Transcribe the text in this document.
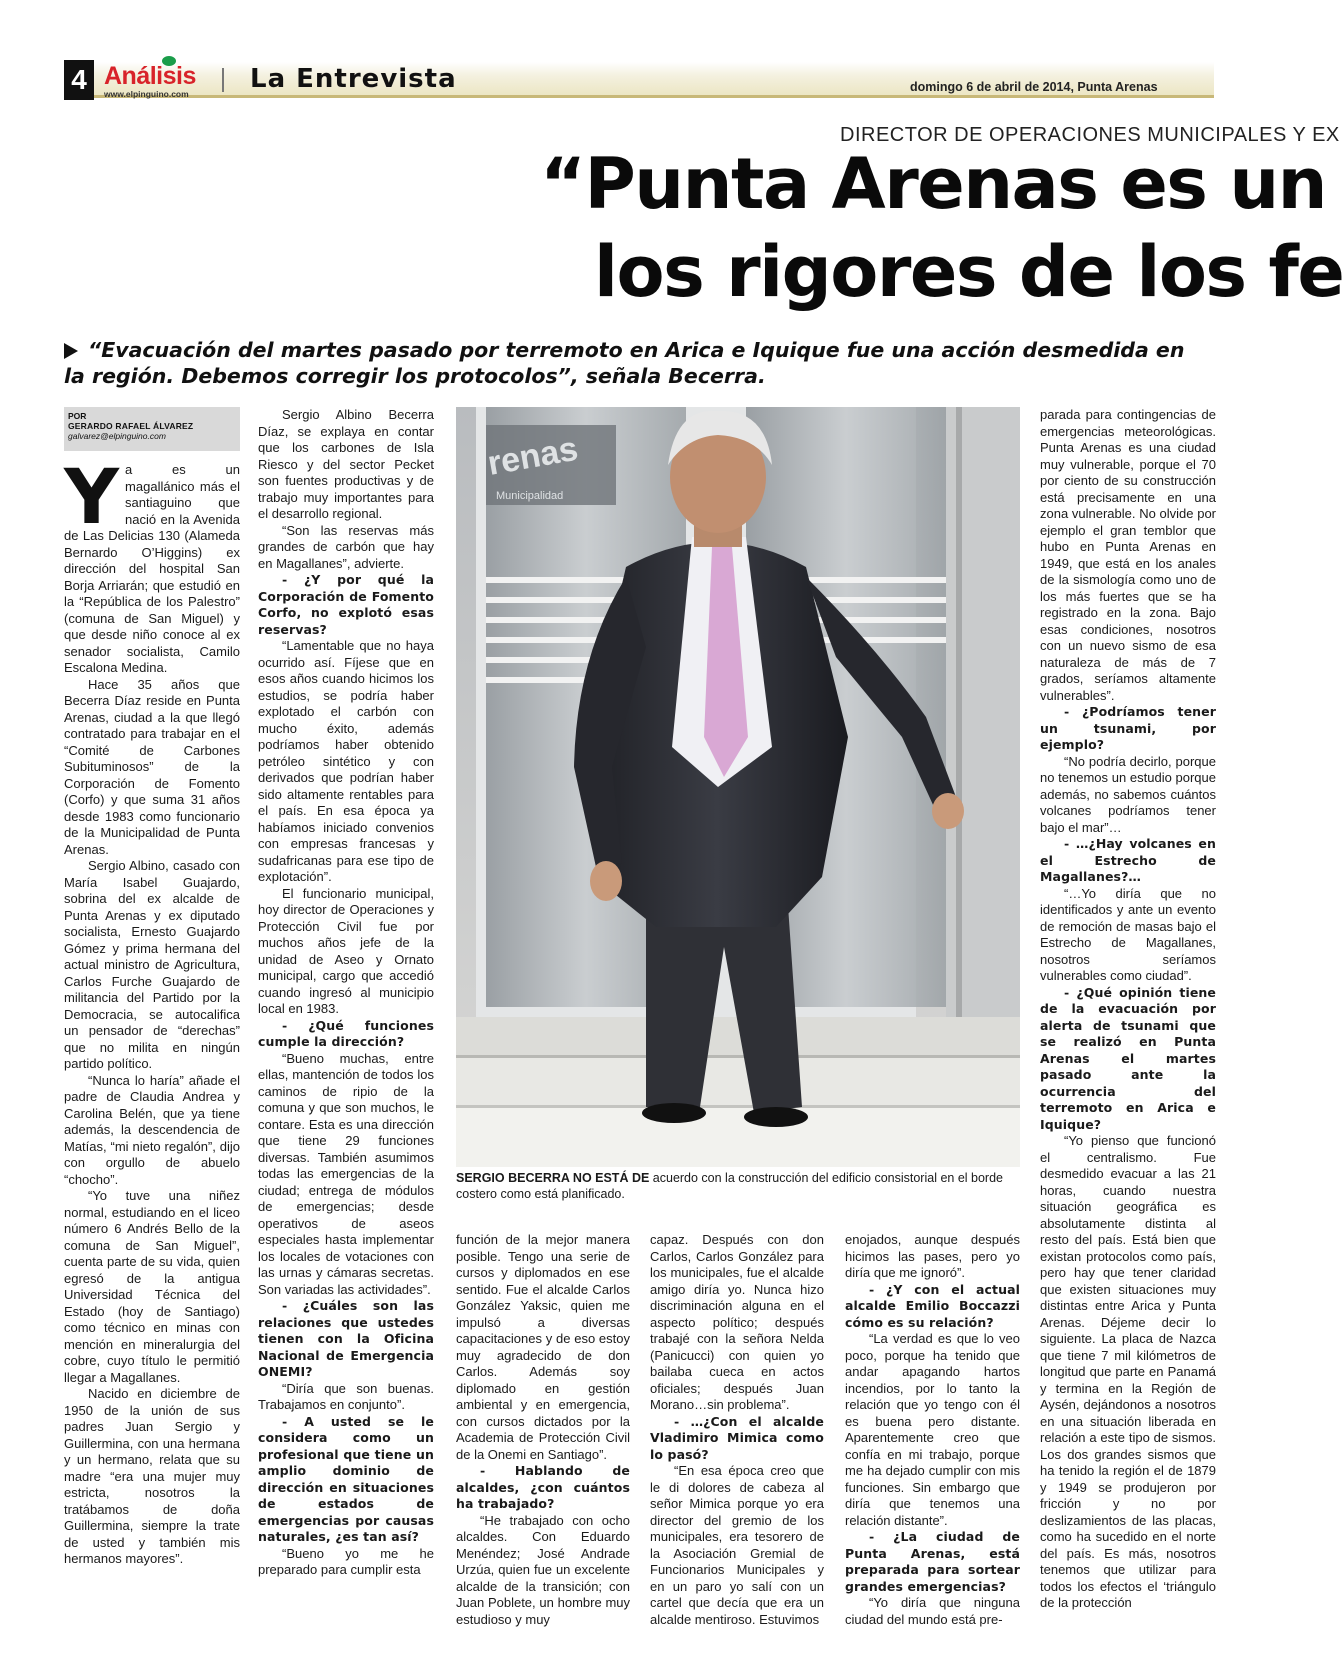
4 Análisis
www.elpinguino.com La Entrevista	domingo 6 de abril de 2014, Punta Arenas
DIRECTOR DE OPERACIONES MUNICIPALES Y EX
“Punta Arenas es un
los rigores de los fe
“Evacuación del martes pasado por terremoto en Arica e Iquique fue una acción desmedida en la región. Debemos corregir los protocolos”, señala Becerra.
POR
GERARDO RAFAEL ÁLVAREZ
galvarez@elpinguino.com

Ya es un magallánico más el santiaguino que nació en la Avenida de Las Delicias 130 (Alameda Bernardo O’Higgins) ex dirección del hospital San Borja Arriarán; que estudió en la “República de los Palestro” (comuna de San Miguel) y que desde niño conoce al ex senador socialista, Camilo Escalona Medina.

Hace 35 años que Becerra Díaz reside en Punta Arenas, ciudad a la que llegó contratado para trabajar en el “Comité de Carbones Subituminosos” de la Corporación de Fomento (Corfo) y que suma 31 años desde 1983 como funcionario de la Municipalidad de Punta Arenas.

Sergio Albino, casado con María Isabel Guajardo, sobrina del ex alcalde de Punta Arenas y ex diputado socialista, Ernesto Guajardo Gómez y prima hermana del actual ministro de Agricultura, Carlos Furche Guajardo de militancia del Partido por la Democracia, se autocalifica un pensador de “derechas” que no milita en ningún partido político.

“Nunca lo haría” añade el padre de Claudia Andrea y Carolina Belén, que ya tiene además, la descendencia de Matías, “mi nieto regalón”, dijo con orgullo de abuelo “chocho”.

“Yo tuve una niñez normal, estudiando en el liceo número 6 Andrés Bello de la comuna de San Miguel”, cuenta parte de su vida, quien egresó de la antigua Universidad Técnica del Estado (hoy de Santiago) como técnico en minas con mención en mineralurgia del cobre, cuyo título le permitió llegar a Magallanes.

Nacido en diciembre de 1950 de la unión de sus padres Juan Sergio y Guillermina, con una hermana y un hermano, relata que su madre “era una mujer muy estricta, nosotros la tratábamos de doña Guillermina, siempre la trate de usted y también mis hermanos mayores”.

Sergio Albino Becerra Díaz, se explaya en contar que los carbones de Isla Riesco y del sector Pecket son fuentes productivas y de trabajo muy importantes para el desarrollo regional.

“Son las reservas más grandes de carbón que hay en Magallanes”, advierte.

- ¿Y por qué la Corporación de Fomento Corfo, no explotó esas reservas?

“Lamentable que no haya ocurrido así. Fíjese que en esos años cuando hicimos los estudios, se podría haber explotado el carbón con mucho éxito, además podríamos haber obtenido petróleo sintético y con derivados que podrían haber sido altamente rentables para el país. En esa época ya habíamos iniciado convenios con empresas francesas y sudafricanas para ese tipo de explotación”.

El funcionario municipal, hoy director de Operaciones y Protección Civil fue por muchos años jefe de la unidad de Aseo y Ornato municipal, cargo que accedió cuando ingresó al municipio local en 1983.

- ¿Qué funciones cumple la dirección?

“Bueno muchas, entre ellas, mantención de todos los caminos de ripio de la comuna y que son muchos, le contare. Esta es una dirección que tiene 29 funciones diversas. También asumimos todas las emergencias de la ciudad; entrega de módulos de emergencias; desde operativos de aseos especiales hasta implementar los locales de votaciones con las urnas y cámaras secretas. Son variadas las actividades”.

- ¿Cuáles son las relaciones que ustedes tienen con la Oficina Nacional de Emergencia ONEMI?

“Diría que son buenas. Trabajamos en conjunto”.

- A usted se le considera como un profesional que tiene un amplio dominio de dirección en situaciones de estados de emergencias por causas naturales, ¿es tan así?

“Bueno yo me he preparado para cumplir esta

renas
Municipalidad
SERGIO BECERRA NO ESTÁ DE acuerdo con la construcción del edificio consistorial en el borde costero como está planificado.

función de la mejor manera posible. Tengo una serie de cursos y diplomados en ese sentido. Fue el alcalde Carlos González Yaksic, quien me impulsó a diversas capacitaciones y de eso estoy muy agradecido de don Carlos. Además soy diplomado en gestión ambiental y en emergencia, con cursos dictados por la Academia de Protección Civil de la Onemi en Santiago”.

- Hablando de alcaldes, ¿con cuántos ha trabajado?

“He trabajado con ocho alcaldes. Con Eduardo Menéndez; José Andrade Urzúa, quien fue un excelente alcalde de la transición; con Juan Poblete, un hombre muy estudioso y muy

capaz. Después con don Carlos, Carlos González para los municipales, fue el alcalde amigo diría yo. Nunca hizo discriminación alguna en el aspecto político; después trabajé con la señora Nelda (Panicucci) con quien yo bailaba cueca en actos oficiales; después Juan Morano…sin problema”.

- …¿Con el alcalde Vladimiro Mimica como lo pasó?

“En esa época creo que le di dolores de cabeza al señor Mimica porque yo era director del gremio de los municipales, era tesorero de la Asociación Gremial de Funcionarios Municipales y en un paro yo salí con un cartel que decía que era un alcalde mentiroso. Estuvimos

enojados, aunque después hicimos las pases, pero yo diría que me ignoró”.

- ¿Y con el actual alcalde Emilio Boccazzi cómo es su relación?

“La verdad es que lo veo poco, porque ha tenido que andar apagando hartos incendios, por lo tanto la relación que yo tengo con él es buena pero distante. Aparentemente creo que confía en mi trabajo, porque me ha dejado cumplir con mis funciones. Sin embargo que diría que tenemos una relación distante”.

- ¿La ciudad de Punta Arenas, está preparada para sortear grandes emergencias?

“Yo diría que ninguna ciudad del mundo está pre-

parada para contingencias de emergencias meteorológicas. Punta Arenas es una ciudad muy vulnerable, porque el 70 por ciento de su construcción está precisamente en una zona vulnerable. No olvide por ejemplo el gran temblor que hubo en Punta Arenas en 1949, que está en los anales de la sismología como uno de los más fuertes que se ha registrado en la zona. Bajo esas condiciones, nosotros con un nuevo sismo de esa naturaleza de más de 7 grados, seríamos altamente vulnerables”.

- ¿Podríamos tener un tsunami, por ejemplo?

“No podría decirlo, porque no tenemos un estudio porque además, no sabemos cuántos volcanes podríamos tener bajo el mar”…

- …¿Hay volcanes en el Estrecho de Magallanes?…

“…Yo diría que no identificados y ante un evento de remoción de masas bajo el Estrecho de Magallanes, nosotros seríamos vulnerables como ciudad”.

- ¿Qué opinión tiene de la evacuación por alerta de tsunami que se realizó en Punta Arenas el martes pasado ante la ocurrencia del terremoto en Arica e Iquique?

“Yo pienso que funcionó el centralismo. Fue desmedido evacuar a las 21 horas, cuando nuestra situación geográfica es absolutamente distinta al resto del país. Está bien que existan protocolos como país, pero hay que tener claridad que existen situaciones muy distintas entre Arica y Punta Arenas. Déjeme decir lo siguiente. La placa de Nazca que tiene 7 mil kilómetros de longitud que parte en Panamá y termina en la Región de Aysén, dejándonos a nosotros en una situación liberada en relación a este tipo de sismos. Los dos grandes sismos que ha tenido la región el de 1879 y 1949 se produjeron por fricción y no por deslizamientos de las placas, como ha sucedido en el norte del país. Es más, nosotros tenemos que utilizar para todos los efectos el ‘triángulo de la protección
